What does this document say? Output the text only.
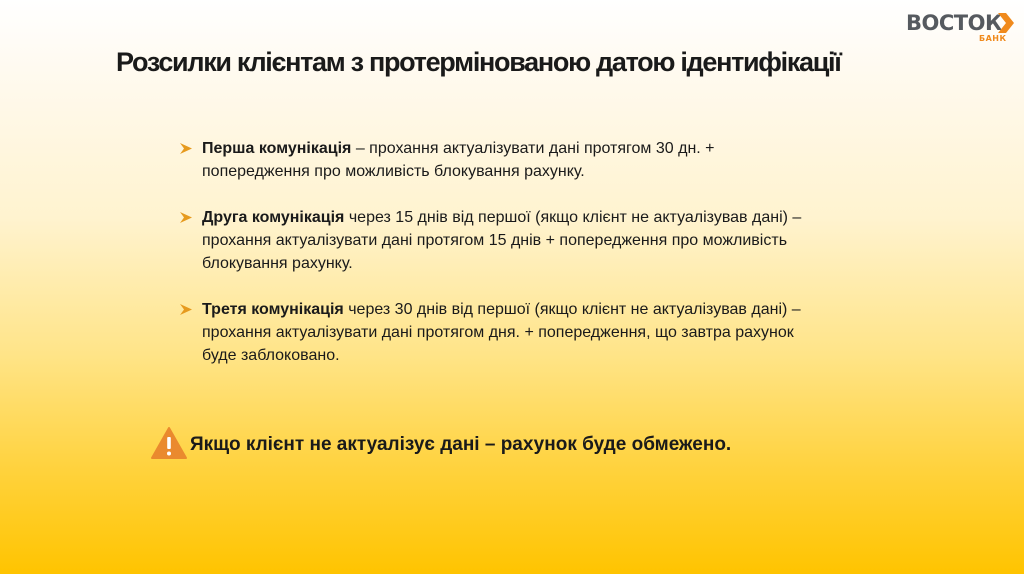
ВОСТОК
БАНК
Розсилки клієнтам з протермінованою датою ідентифікації
Перша комунікація – прохання актуалізувати дані протягом 30 дн. + попередження про можливість блокування рахунку.
Друга комунікація через 15 днів від першої (якщо клієнт не актуалізував дані) – прохання актуалізувати дані протягом 15 днів + попередження про можливість блокування рахунку.
Третя комунікація через 30 днів від першої (якщо клієнт не актуалізував дані) – прохання актуалізувати дані протягом дня. + попередження, що завтра рахунок буде заблоковано.
Якщо клієнт не актуалізує дані – рахунок буде обмежено.
